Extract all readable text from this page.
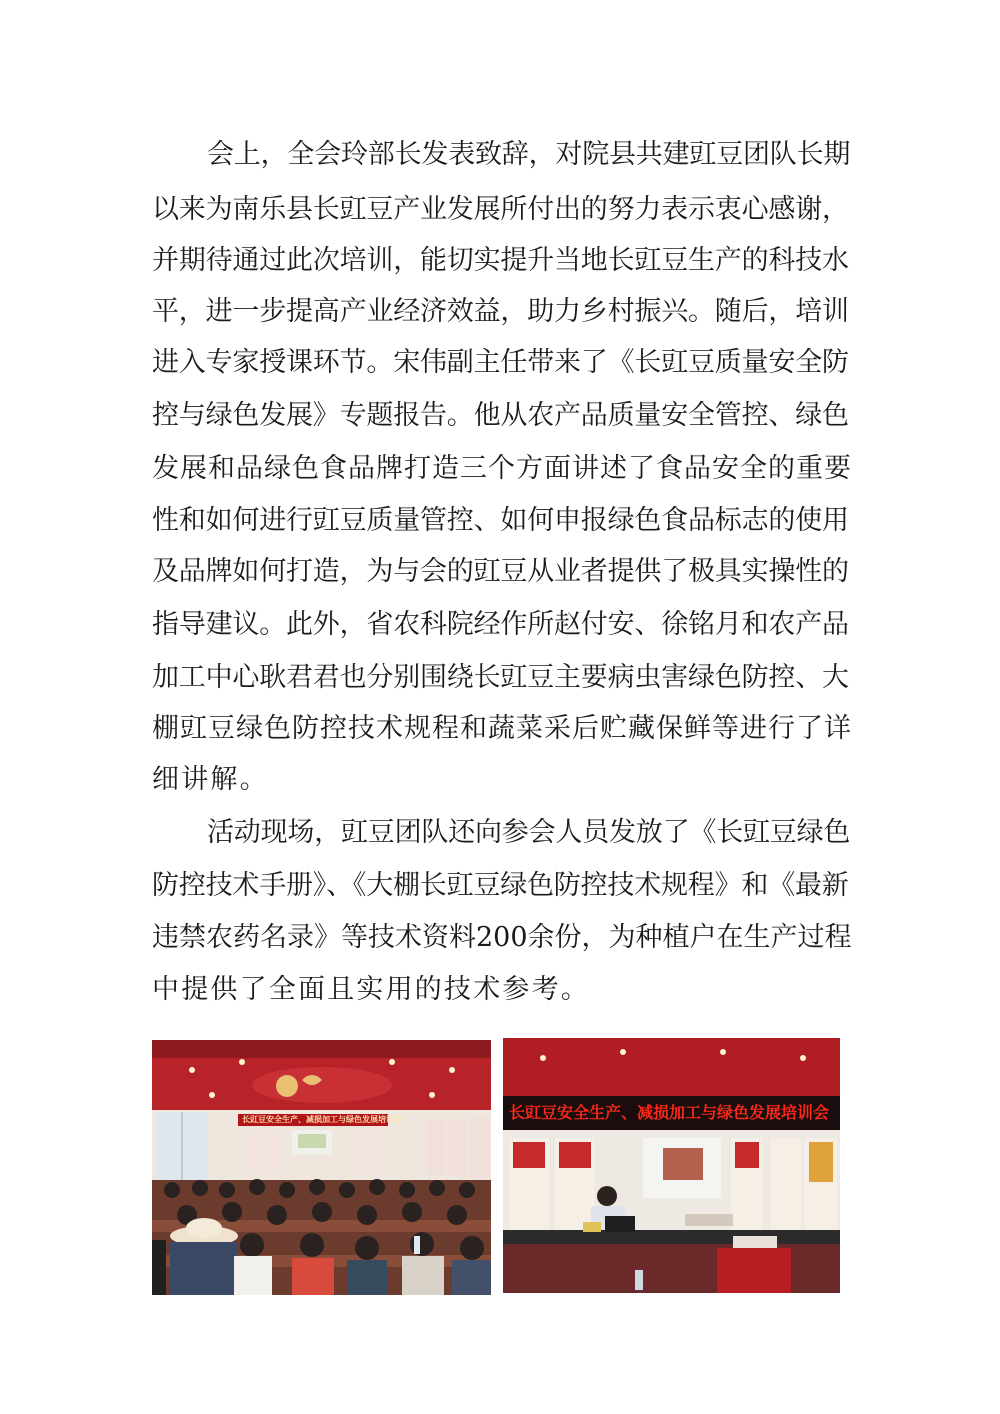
会上，全会玲部长发表致辞，对院县共建豇豆团队长期
以来为南乐县长豇豆产业发展所付出的努力表示衷心感谢，
并期待通过此次培训，能切实提升当地长豇豆生产的科技水
平，进一步提高产业经济效益，助力乡村振兴。随后，培训
进入专家授课环节。宋伟副主任带来了《长豇豆质量安全防
控与绿色发展》专题报告。他从农产品质量安全管控、绿色
发展和品绿色食品牌打造三个方面讲述了食品安全的重要
性和如何进行豇豆质量管控、如何申报绿色食品标志的使用
及品牌如何打造，为与会的豇豆从业者提供了极具实操性的
指导建议。此外，省农科院经作所赵付安、徐铭月和农产品
加工中心耿君君也分别围绕长豇豆主要病虫害绿色防控、大
棚豇豆绿色防控技术规程和蔬菜采后贮藏保鲜等进行了详
细讲解。
活动现场，豇豆团队还向参会人员发放了《长豇豆绿色
防控技术手册》、《大棚长豇豆绿色防控技术规程》和《最新
违禁农药名录》等技术资料200余份，为种植户在生产过程
中提供了全面且实用的技术参考。
长豇豆安全生产、减损加工与绿色发展培训会	长豇豆安全生产、减损加工与绿色发展培训会
